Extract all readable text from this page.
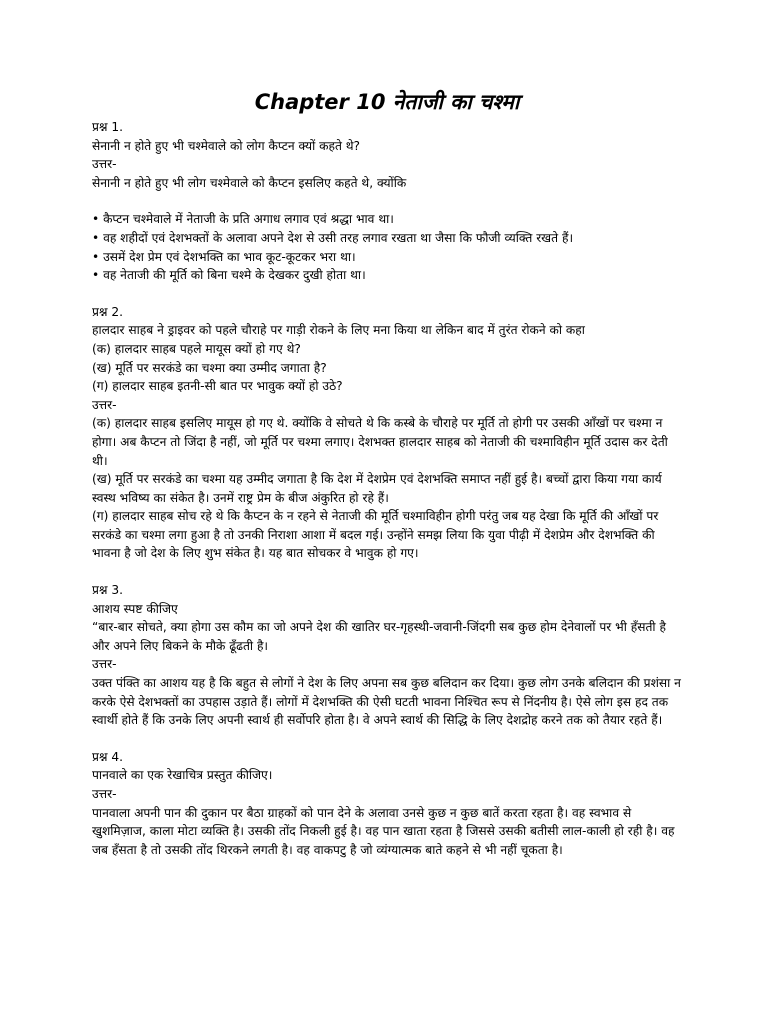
Chapter 10 नेताजी का चश्मा
प्रश्न 1.
सेनानी न होते हुए भी चश्मेवाले को लोग कैप्टन क्यों कहते थे?
उत्तर-
सेनानी न होते हुए भी लोग चश्मेवाले को कैप्टन इसलिए कहते थे, क्योंकि
• कैप्टन चश्मेवाले में नेताजी के प्रति अगाध लगाव एवं श्रद्धा भाव था।
• वह शहीदों एवं देशभक्तों के अलावा अपने देश से उसी तरह लगाव रखता था जैसा कि फौजी व्यक्ति रखते हैं।
• उसमें देश प्रेम एवं देशभक्ति का भाव कूट-कूटकर भरा था।
• वह नेताजी की मूर्ति को बिना चश्मे के देखकर दुखी होता था।
प्रश्न 2.
हालदार साहब ने ड्राइवर को पहले चौराहे पर गाड़ी रोकने के लिए मना किया था लेकिन बाद में तुरंत रोकने को कहा
(क) हालदार साहब पहले मायूस क्यों हो गए थे?
(ख) मूर्ति पर सरकंडे का चश्मा क्या उम्मीद जगाता है?
(ग) हालदार साहब इतनी-सी बात पर भावुक क्यों हो उठे?
उत्तर-

(क) हालदार साहब इसलिए मायूस हो गए थे. क्योंकि वे सोचते थे कि कस्बे के चौराहे पर मूर्ति तो होगी पर उसकी आँखों पर चश्मा न होगा। अब कैप्टन तो जिंदा है नहीं, जो मूर्ति पर चश्मा लगाए। देशभक्त हालदार साहब को नेताजी की चश्माविहीन मूर्ति उदास कर देती थी।

(ख) मूर्ति पर सरकंडे का चश्मा यह उम्मीद जगाता है कि देश में देशप्रेम एवं देशभक्ति समाप्त नहीं हुई है। बच्चों द्वारा किया गया कार्य स्वस्थ भविष्य का संकेत है। उनमें राष्ट्र प्रेम के बीज अंकुरित हो रहे हैं।

(ग) हालदार साहब सोच रहे थे कि कैप्टन के न रहने से नेताजी की मूर्ति चश्माविहीन होगी परंतु जब यह देखा कि मूर्ति की आँखों पर सरकंडे का चश्मा लगा हुआ है तो उनकी निराशा आशा में बदल गई। उन्होंने समझ लिया कि युवा पीढ़ी में देशप्रेम और देशभक्ति की भावना है जो देश के लिए शुभ संकेत है। यह बात सोचकर वे भावुक हो गए।

प्रश्न 3.
आशय स्पष्ट कीजिए

“बार-बार सोचते, क्या होगा उस कौम का जो अपने देश की खातिर घर-गृहस्थी-जवानी-जिंदगी सब कुछ होम देनेवालों पर भी हँसती है और अपने लिए बिकने के मौके ढूँढती है।

उत्तर-

उक्त पंक्ति का आशय यह है कि बहुत से लोगों ने देश के लिए अपना सब कुछ बलिदान कर दिया। कुछ लोग उनके बलिदान की प्रशंसा न करके ऐसे देशभक्तों का उपहास उड़ाते हैं। लोगों में देशभक्ति की ऐसी घटती भावना निश्चित रूप से निंदनीय है। ऐसे लोग इस हद तक स्वार्थी होते हैं कि उनके लिए अपनी स्वार्थ ही सर्वोपरि होता है। वे अपने स्वार्थ की सिद्धि के लिए देशद्रोह करने तक को तैयार रहते हैं।

प्रश्न 4.
पानवाले का एक रेखाचित्र प्रस्तुत कीजिए।
उत्तर-

पानवाला अपनी पान की दुकान पर बैठा ग्राहकों को पान देने के अलावा उनसे कुछ न कुछ बातें करता रहता है। वह स्वभाव से खुशमिज़ाज, काला मोटा व्यक्ति है। उसकी तोंद निकली हुई है। वह पान खाता रहता है जिससे उसकी बतीसी लाल-काली हो रही है। वह जब हँसता है तो उसकी तोंद थिरकने लगती है। वह वाकपटु है जो व्यंग्यात्मक बाते कहने से भी नहीं चूकता है।
